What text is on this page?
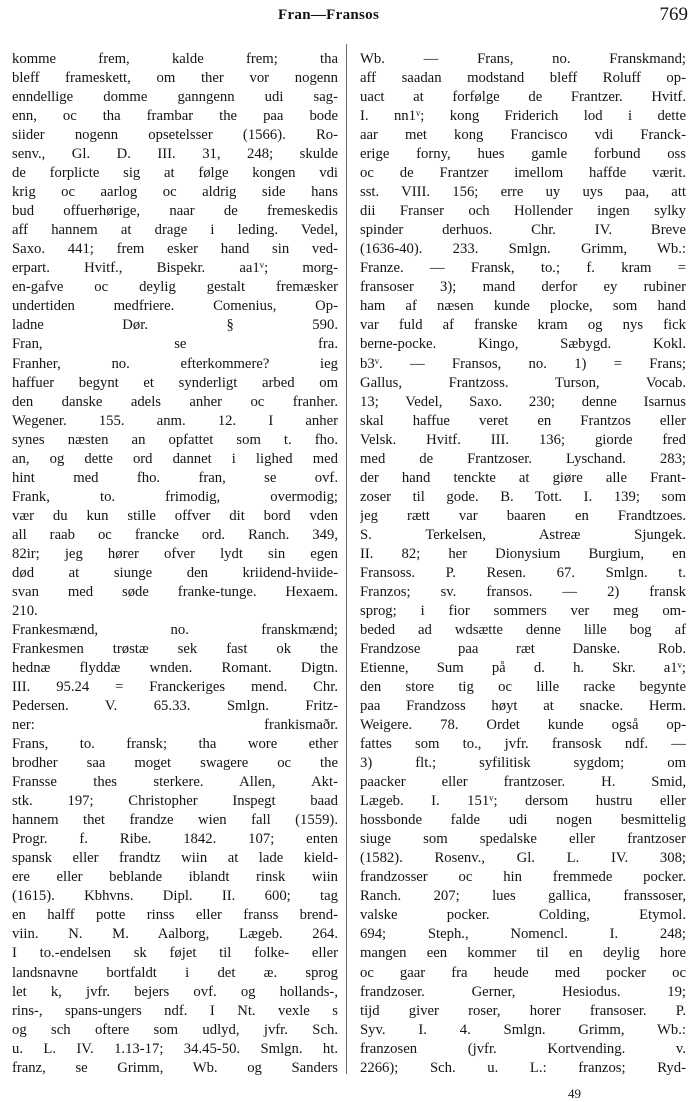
Fran—Fransos	769
komme frem, kalde frem; tha
bleff frameskett, om ther vor nogenn
enndellige domme ganngenn udi sag-
enn, oc tha frambar the paa bode
siider nogenn opsetelsser (1566). Ro-
senv., Gl. D. III. 31, 248; skulde
de forplicte sig at følge kongen vdi
krig oc aarlog oc aldrig side hans
bud offuerhørige, naar de fremeskedis
aff hannem at drage i leding. Vedel,
Saxo. 441; frem esker hand sin ved-
erpart. Hvitf., Bispekr. aa1ᵛ; morg-
en-gafve oc deylig gestalt fremæsker
undertiden medfriere. Comenius, Op-
ladne Dør. § 590.
Fran, se fra.
Franher, no. efterkommere? ieg
haffuer begynt et synderligt arbed om
den danske adels anher oc franher.
Wegener. 155. anm. 12. I anher
synes næsten an opfattet som t. fho.
an, og dette ord dannet i lighed med
hint med fho. fran, se ovf.
Frank, to. frimodig, overmodig;
vær du kun stille offver dit bord vden
all raab oc francke ord. Ranch. 349,
82ir; jeg hører ofver lydt sin egen
død at siunge den kriidend-hviide-
svan med søde franke-tunge. Hexaem.
210.
Frankesmænd, no. franskmænd;
Frankesmen trøstæ sek fast ok the
hednæ flyddæ wnden. Romant. Digtn.
III. 95.24 = Franckeriges mend. Chr.
Pedersen. V. 65.33. Smlgn. Fritz-
ner: frankismaðr.
Frans, to. fransk; tha wore ether
brodher saa moget swagere oc the
Fransse thes sterkere. Allen, Akt-
stk. 197; Christopher Inspegt baad
hannem thet frandze wien fall (1559).
Progr. f. Ribe. 1842. 107; enten
spansk eller frandtz wiin at lade kield-
ere eller beblande iblandt rinsk wiin
(1615). Kbhvns. Dipl. II. 600; tag
en halff potte rinss eller franss brend-
viin. N. M. Aalborg, Lægeb. 264.
I to.-endelsen sk føjet til folke- eller
landsnavne bortfaldt i det æ. sprog
let k, jvfr. bejers ovf. og hollands-,
rins-, spans-ungers ndf. I Nt. vexle s
og sch oftere som udlyd, jvfr. Sch.
u. L. IV. 1.13-17; 34.45-50. Smlgn. ht.
franz, se Grimm, Wb. og Sanders
Wb. — Frans, no. Franskmand;
aff saadan modstand bleff Roluff op-
uact at forfølge de Frantzer. Hvitf.
I. nn1ᵛ; kong Friderich lod i dette
aar met kong Francisco vdi Franck-
erige forny, hues gamle forbund oss
oc de Frantzer imellom haffde værit.
sst. VIII. 156; erre uy uys paa, att
dii Franser och Hollender ingen sylky
spinder derhuos. Chr. IV. Breve
(1636-40). 233. Smlgn. Grimm, Wb.:
Franze. — Fransk, to.; f. kram =
fransoser 3); mand derfor ey rubiner
ham af næsen kunde plocke, som hand
var fuld af franske kram og nys fick
berne-pocke. Kingo, Sæbygd. Kokl.
b3ᵛ. — Fransos, no. 1) = Frans;
Gallus, Frantzoss. Turson, Vocab.
13; Vedel, Saxo. 230; denne Isarnus
skal haffue veret en Frantzos eller
Velsk. Hvitf. III. 136; giorde fred
med de Frantzoser. Lyschand. 283;
der hand tenckte at giøre alle Frant-
zoser til gode. B. Tott. I. 139; som
jeg rætt var baaren en Frandtzoes.
S. Terkelsen, Astreæ Sjungek.
II. 82; her Dionysium Burgium, en
Fransoss. P. Resen. 67. Smlgn. t.
Franzos; sv. fransos. — 2) fransk
sprog; i fior sommers ver meg om-
beded ad wdsætte denne lille bog af
Frandzose paa ræt Danske. Rob.
Etienne, Sum på d. h. Skr. a1ᵛ;
den store tig oc lille racke begynte
paa Frandzoss høyt at snacke. Herm.
Weigere. 78. Ordet kunde også op-
fattes som to., jvfr. fransosk ndf. —
3) flt.; syfilitisk sygdom; om
paacker eller frantzoser. H. Smid,
Lægeb. I. 151ᵛ; dersom hustru eller
hossbonde falde udi nogen besmittelig
siuge som spedalske eller frantzoser
(1582). Rosenv., Gl. L. IV. 308;
frandzosser oc hin fremmede pocker.
Ranch. 207; lues gallica, franssoser,
valske pocker. Colding, Etymol.
694; Steph., Nomencl. I. 248;
mangen een kommer til en deylig hore
oc gaar fra heude med pocker oc
frandzoser. Gerner, Hesiodus. 19;
tijd giver roser, horer fransoser. P.
Syv. I. 4. Smlgn. Grimm, Wb.:
franzosen (jvfr. Kortvending. v.
2266); Sch. u. L.: franzos; Ryd-
49
